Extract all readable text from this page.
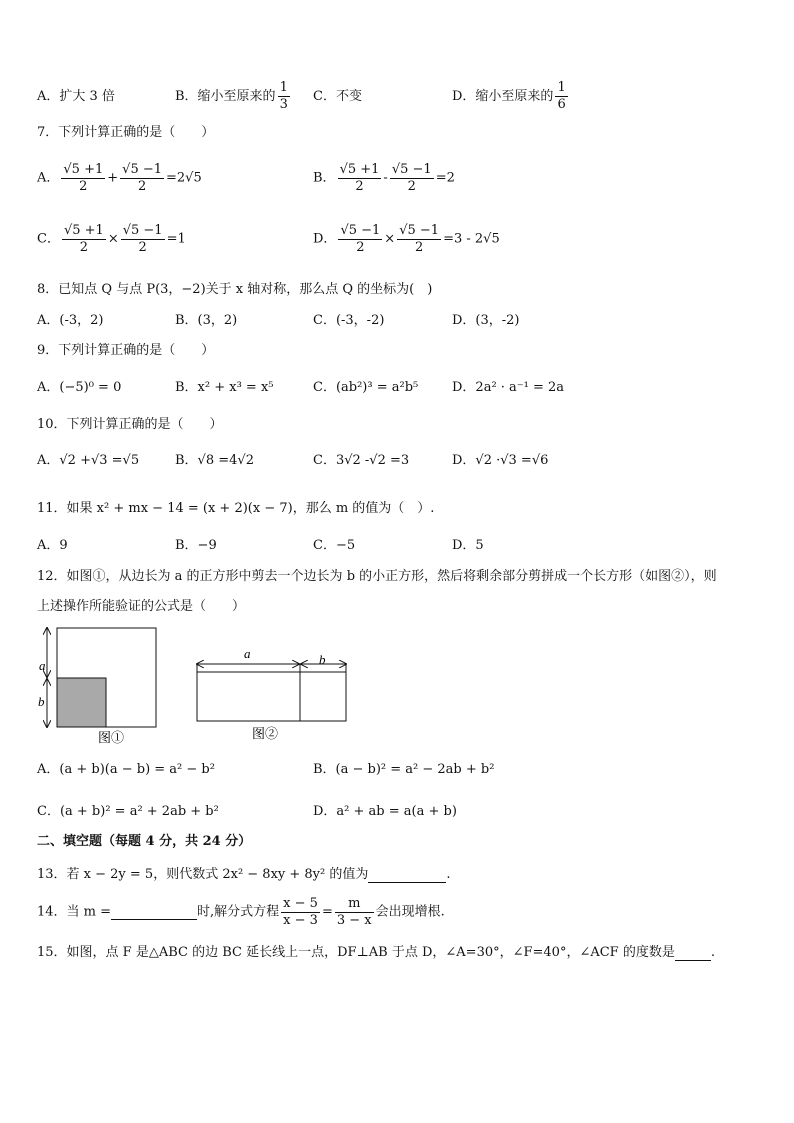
A．扩大 3 倍	B．缩小至原来的 $\frac{1}{3}$ C．不变	D．缩小至原来的 $\frac{1}{6}$
7．下列计算正确的是（　　）
A． $\frac{√5 +1}{2} + \frac{√5 -1}{2} =2√5$	B． $\frac{√5 +1}{2} - \frac{√5 -1}{2} =2$
C． $\frac{√5 +1}{2} \times \frac{√5 -1}{2} =1$	D． $\frac{√5 -1}{2} \times \frac{√5 -1}{2} =3 - 2√5$
8．已知点 Q 与点 P(3，−2)关于 x 轴对称，那么点 Q 的坐标为(　)
A．(-3，2)	B．(3，2)	C．(-3，-2)	D．(3，-2)
9．下列计算正确的是（　　）
A．(−5)⁰ = 0	B．x² + x³ = x⁵	C．(ab²)³ = a²b⁵	D．2a² · a⁻¹ = 2a
10．下列计算正确的是（　　）
A．√2 +√3 =√5	B．√8 =4√2	C．3√2 -√2 =3	D．√2 ·√3 =√6
11．如果 x² + mx − 14 = (x + 2)(x − 7)，那么 m 的值为（　）.
A．9	B．−9	C．−5	D．5
12．如图①，从边长为 a 的正方形中剪去一个边长为 b 的小正方形，然后将剩余部分剪拼成一个长方形（如图②），则
上述操作所能验证的公式是（　　）
a
b
图①
a	b
图②
A．(a + b)(a − b) = a² − b²	B．(a − b)² = a² − 2ab + b²
C．(a + b)² = a² + 2ab + b²	D．a² + ab = a(a + b)
二、填空题（每题 4 分，共 24 分）
13．若 x − 2y = 5，则代数式 2x² − 8xy + 8y² 的值为	.
14．当 m =	时,解分式方程 $\frac{x - 5}{x - 3} = \frac{m}{3 - x}$ 会出现增根.
15．如图，点 F 是△ABC 的边 BC 延长线上一点，DF⊥AB 于点 D，∠A=30°，∠F=40°，∠ACF 的度数是	.
